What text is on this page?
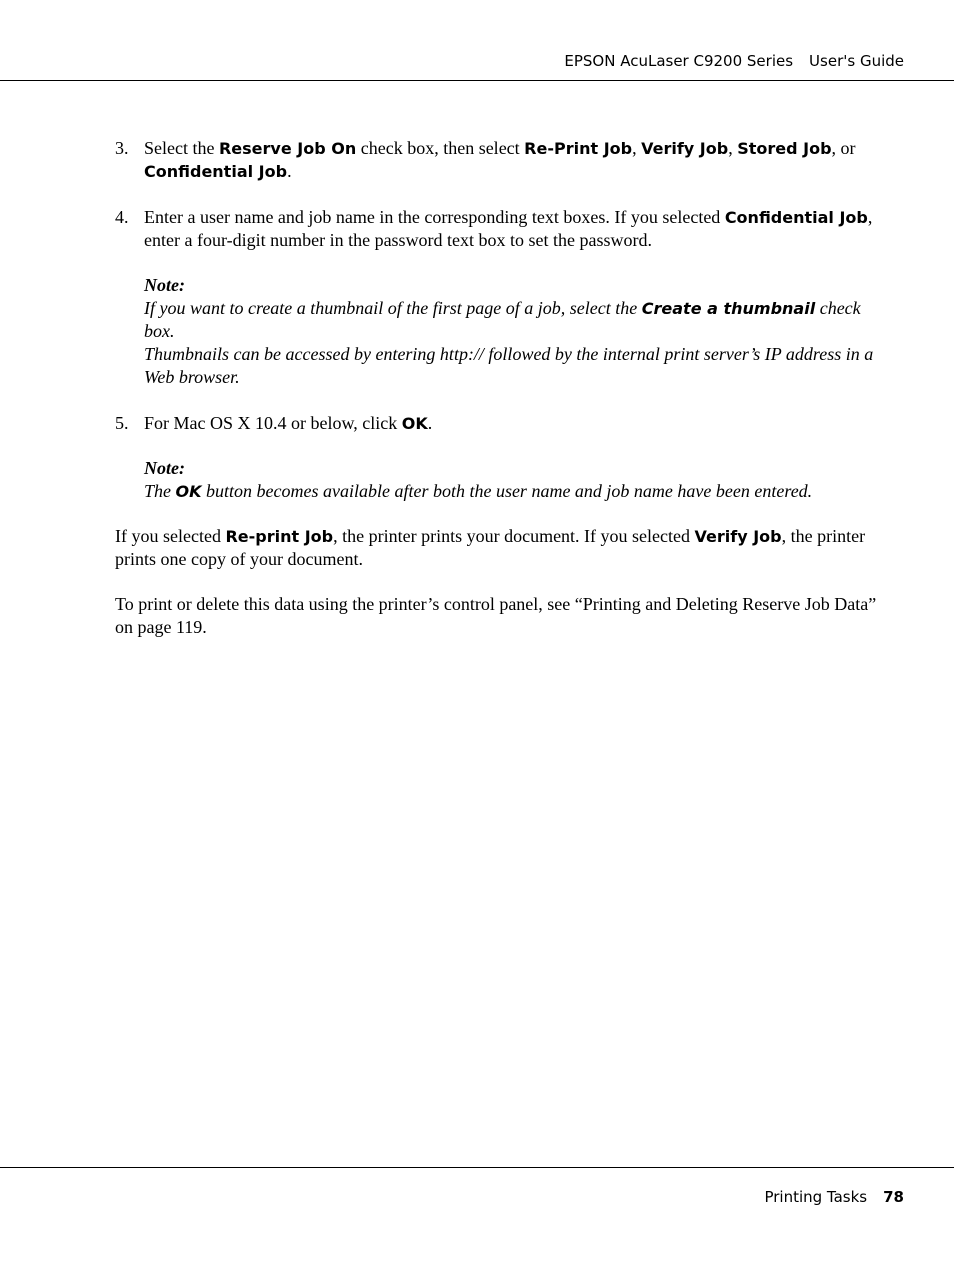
EPSON AcuLaser C9200 Series User's Guide
3. Select the Reserve Job On check box, then select Re-Print Job, Verify Job, Stored Job, or
Confidential Job.
4. Enter a user name and job name in the corresponding text boxes. If you selected Confidential Job, enter a four-digit number in the password text box to set the password.
Note:
If you want to create a thumbnail of the first page of a job, select the Create a thumbnail check box.
Thumbnails can be accessed by entering http:// followed by the internal print server’s IP address in a Web browser.
5. For Mac OS X 10.4 or below, click OK.
Note:
The OK button becomes available after both the user name and job name have been entered.
If you selected Re-print Job, the printer prints your document. If you selected Verify Job, the printer prints one copy of your document.
To print or delete this data using the printer’s control panel, see “Printing and Deleting Reserve Job Data” on page 119.
Printing Tasks 78
